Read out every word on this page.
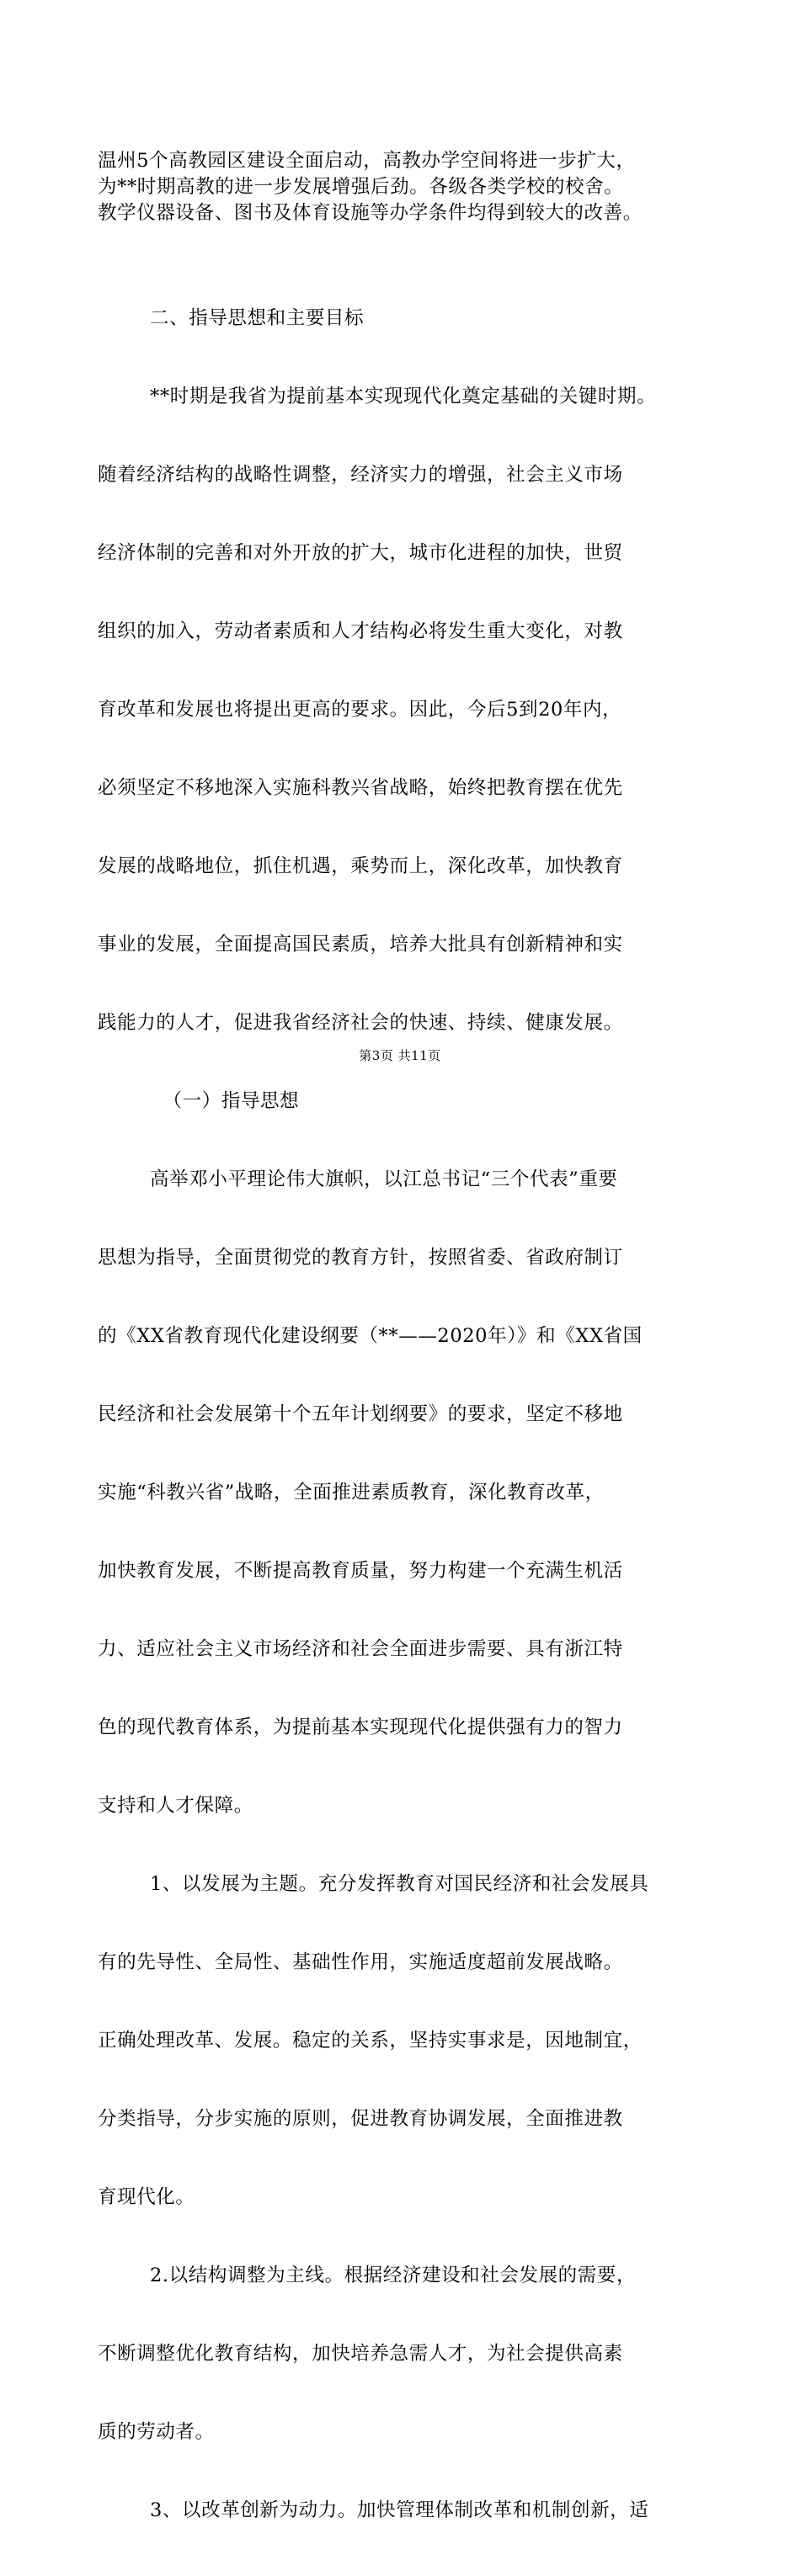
温州5个高教园区建设全面启动，高教办学空间将进一步扩大，
为**时期高教的进一步发展增强后劲。各级各类学校的校舍。
教学仪器设备、图书及体育设施等办学条件均得到较大的改善。

二、指导思想和主要目标

**时期是我省为提前基本实现现代化奠定基础的关键时期。

随着经济结构的战略性调整，经济实力的增强，社会主义市场

经济体制的完善和对外开放的扩大，城市化进程的加快，世贸

组织的加入，劳动者素质和人才结构必将发生重大变化，对教

育改革和发展也将提出更高的要求。因此，今后5到20年内，

必须坚定不移地深入实施科教兴省战略，始终把教育摆在优先

发展的战略地位，抓住机遇，乘势而上，深化改革，加快教育

事业的发展，全面提高国民素质，培养大批具有创新精神和实

践能力的人才，促进我省经济社会的快速、持续、健康发展。

（一）指导思想

高举邓小平理论伟大旗帜，以江总书记“三个代表”重要

思想为指导，全面贯彻党的教育方针，按照省委、省政府制订

的《XX省教育现代化建设纲要（**——2020年）》和《XX省国

民经济和社会发展第十个五年计划纲要》的要求，坚定不移地

实施“科教兴省”战略，全面推进素质教育，深化教育改革，

加快教育发展，不断提高教育质量，努力构建一个充满生机活

力、适应社会主义市场经济和社会全面进步需要、具有浙江特

色的现代教育体系，为提前基本实现现代化提供强有力的智力

支持和人才保障。

1、以发展为主题。充分发挥教育对国民经济和社会发展具

有的先导性、全局性、基础性作用，实施适度超前发展战略。

正确处理改革、发展。稳定的关系，坚持实事求是，因地制宜，

分类指导，分步实施的原则，促进教育协调发展，全面推进教

育现代化。

2.以结构调整为主线。根据经济建设和社会发展的需要，

不断调整优化教育结构，加快培养急需人才，为社会提供高素

质的劳动者。

3、以改革创新为动力。加快管理体制改革和机制创新，适

第3页 共11页
